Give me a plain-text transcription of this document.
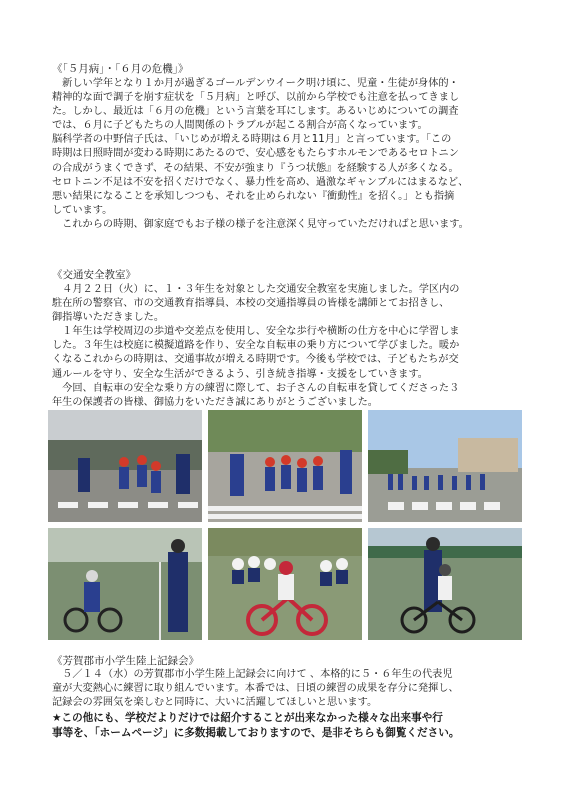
《「５月病」・「６月の危機」》
　新しい学年となり１か月が過ぎるゴールデンウイーク明け頃に、児童・生徒が身体的・
精神的な面で調子を崩す症状を「５月病」と呼び、以前から学校でも注意を払ってきまし
た。しかし、最近は「６月の危機」という言葉を耳にします。あるいじめについての調査
では、６月に子どもたちの人間関係のトラブルが起こる割合が高くなっています。
脳科学者の中野信子氏は、「いじめが増える時期は６月と11月」と言っています。「この
時期は日照時間が変わる時期にあたるので、安心感をもたらすホルモンであるセロトニン
の合成がうまくできず、その結果、不安が強まり『うつ状態』を経験する人が多くなる。
セロトニン不足は不安を招くだけでなく、暴力性を高め、過激なギャンブルにはまるなど、
悪い結果になることを承知しつつも、それを止められない『衝動性』を招く。」とも指摘
しています。
　これからの時期、御家庭でもお子様の様子を注意深く見守っていただければと思います。
《交通安全教室》
　４月２２日（火）に、１・３年生を対象とした交通安全教室を実施しました。学区内の
駐在所の警察官、市の交通教育指導員、本校の交通指導員の皆様を講師とてお招きし、
御指導いただきました。
　１年生は学校周辺の歩道や交差点を使用し、安全な歩行や横断の仕方を中心に学習しま
した。３年生は校庭に模擬道路を作り、安全な自転車の乗り方について学びました。暖か
くなるこれからの時期は、交通事故が増える時期です。今後も学校では、子どもたちが交
通ルールを守り、安全な生活ができるよう、引き続き指導・支援をしていきます。
　今回、自転車の安全な乗り方の練習に際して、お子さんの自転車を貸してくださった３
年生の保護者の皆様、御協力をいただき誠にありがとうございました。
《芳賀郡市小学生陸上記録会》
　５／１４（水）の芳賀郡市小学生陸上記録会に向けて 、本格的に５・６年生の代表児
童が大変熱心に練習に取り組んでいます。本番では、日頃の練習の成果を存分に発揮し、
記録会の雰囲気を楽しむと同時に、大いに活躍してほしいと思います。
★この他にも、学校だよりだけでは紹介することが出来なかった様々な出来事や行
事等を、「ホームページ」に多数掲載しておりますので、是非そちらも御覧ください。
